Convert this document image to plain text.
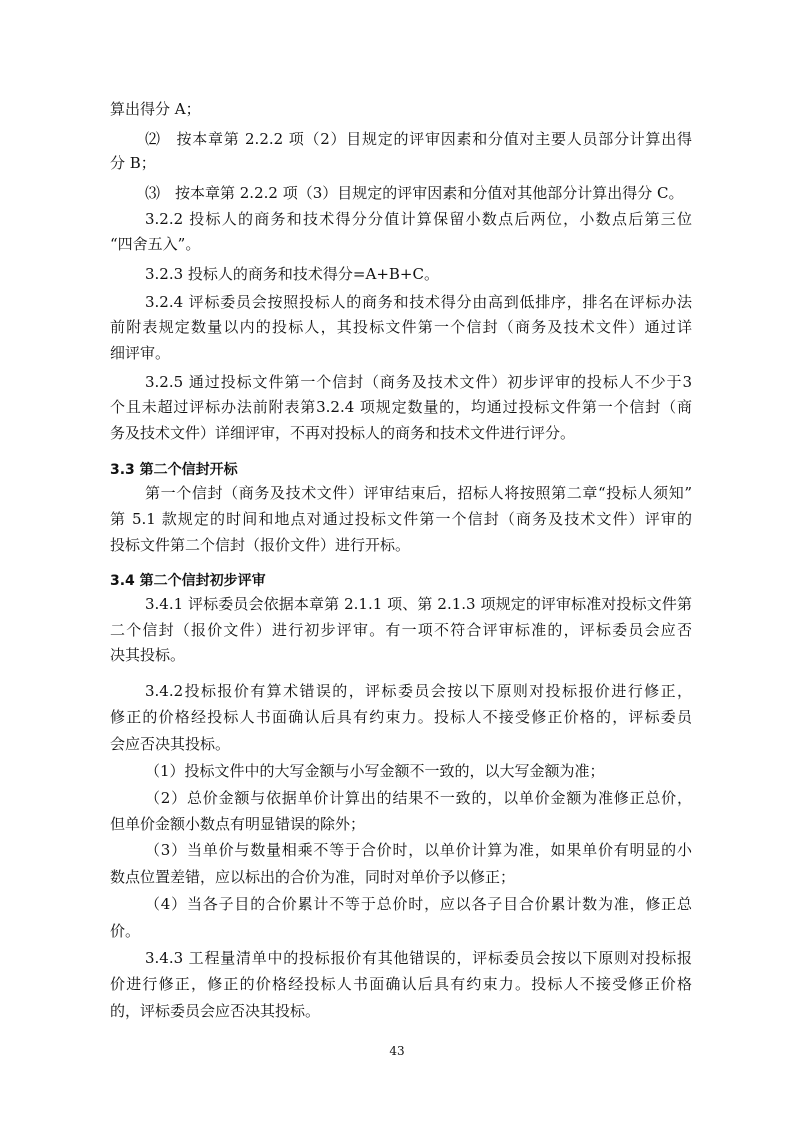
算出得分 A；
⑵　按本章第 2.2.2 项（2）目规定的评审因素和分值对主要人员部分计算出得
分 B；
⑶　按本章第 2.2.2 项（3）目规定的评审因素和分值对其他部分计算出得分 C。
3.2.2 投标人的商务和技术得分分值计算保留小数点后两位，小数点后第三位
“四舍五入”。
3.2.3 投标人的商务和技术得分=A+B+C。
3.2.4 评标委员会按照投标人的商务和技术得分由高到低排序，排名在评标办法
前附表规定数量以内的投标人，其投标文件第一个信封（商务及技术文件）通过详
细评审。
3.2.5 通过投标文件第一个信封（商务及技术文件）初步评审的投标人不少于3
个且未超过评标办法前附表第3.2.4 项规定数量的，均通过投标文件第一个信封（商
务及技术文件）详细评审，不再对投标人的商务和技术文件进行评分。
3.3 第二个信封开标
第一个信封（商务及技术文件）评审结束后，招标人将按照第二章“投标人须知”
第 5.1 款规定的时间和地点对通过投标文件第一个信封（商务及技术文件）评审的
投标文件第二个信封（报价文件）进行开标。
3.4 第二个信封初步评审
3.4.1 评标委员会依据本章第 2.1.1 项、第 2.1.3 项规定的评审标准对投标文件第
二个信封（报价文件）进行初步评审。有一项不符合评审标准的，评标委员会应否
决其投标。
3.4.2投标报价有算术错误的，评标委员会按以下原则对投标报价进行修正，
修正的价格经投标人书面确认后具有约束力。投标人不接受修正价格的，评标委员
会应否决其投标。
（1）投标文件中的大写金额与小写金额不一致的，以大写金额为准；
（2）总价金额与依据单价计算出的结果不一致的，以单价金额为准修正总价，
但单价金额小数点有明显错误的除外；
（3）当单价与数量相乘不等于合价时，以单价计算为准，如果单价有明显的小
数点位置差错，应以标出的合价为准，同时对单价予以修正；
（4）当各子目的合价累计不等于总价时，应以各子目合价累计数为准，修正总
价。
3.4.3 工程量清单中的投标报价有其他错误的，评标委员会按以下原则对投标报
价进行修正，修正的价格经投标人书面确认后具有约束力。投标人不接受修正价格
的，评标委员会应否决其投标。
43
